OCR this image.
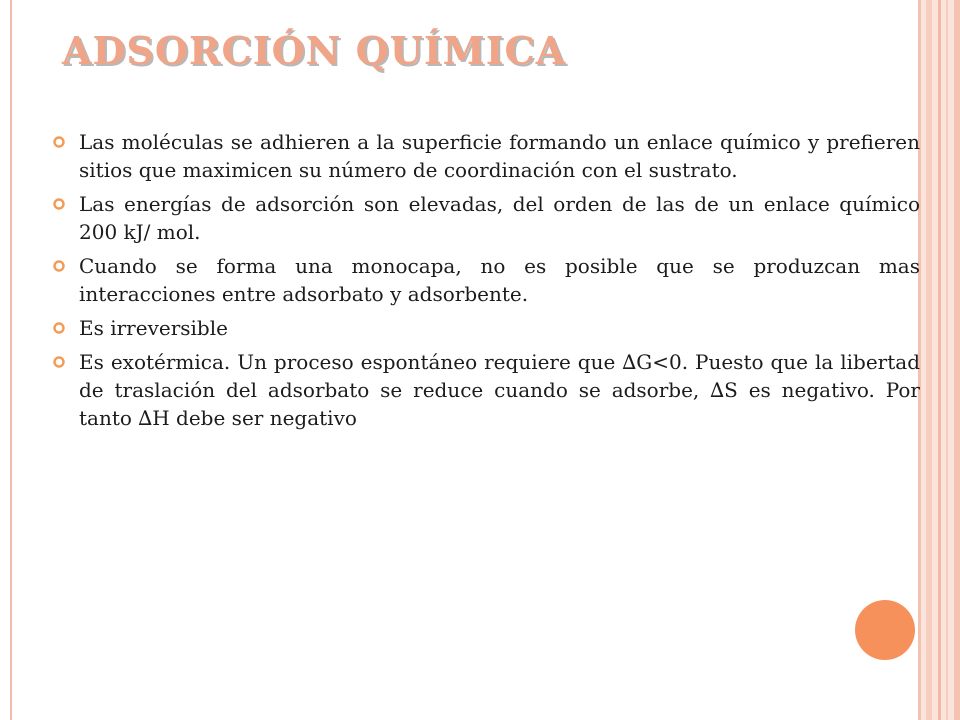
ADSORCIÓN QUÍMICA
Las moléculas se adhieren a la superficie formando un enlace químico y prefieren sitios que maximicen su número de coordinación con el sustrato.
Las energías de adsorción son elevadas, del orden de las de un enlace químico 200 kJ/ mol.
Cuando se forma una monocapa, no es posible que se produzcan mas interacciones entre adsorbato y adsorbente.
Es irreversible
Es exotérmica. Un proceso espontáneo requiere que ∆G<0. Puesto que la libertad de traslación del adsorbato se reduce cuando se adsorbe, ∆S es negativo. Por tanto ∆H debe ser negativo
